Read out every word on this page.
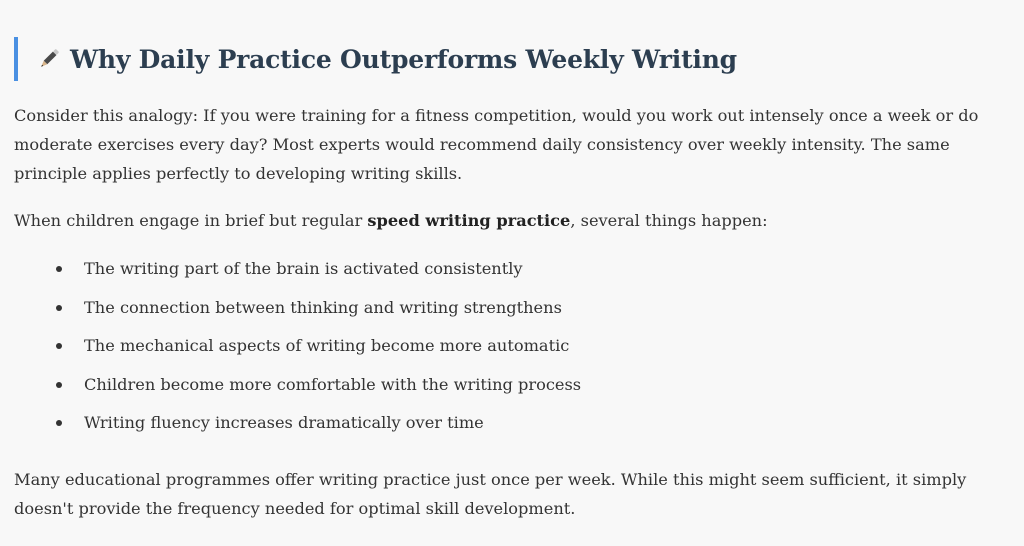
Why Daily Practice Outperforms Weekly Writing

Consider this analogy: If you were training for a fitness competition, would you work out intensely once a week or do moderate exercises every day? Most experts would recommend daily consistency over weekly intensity. The same principle applies perfectly to developing writing skills.

When children engage in brief but regular speed writing practice, several things happen:

The writing part of the brain is activated consistently
The connection between thinking and writing strengthens
The mechanical aspects of writing become more automatic
Children become more comfortable with the writing process
Writing fluency increases dramatically over time

Many educational programmes offer writing practice just once per week. While this might seem sufficient, it simply doesn't provide the frequency needed for optimal skill development.
